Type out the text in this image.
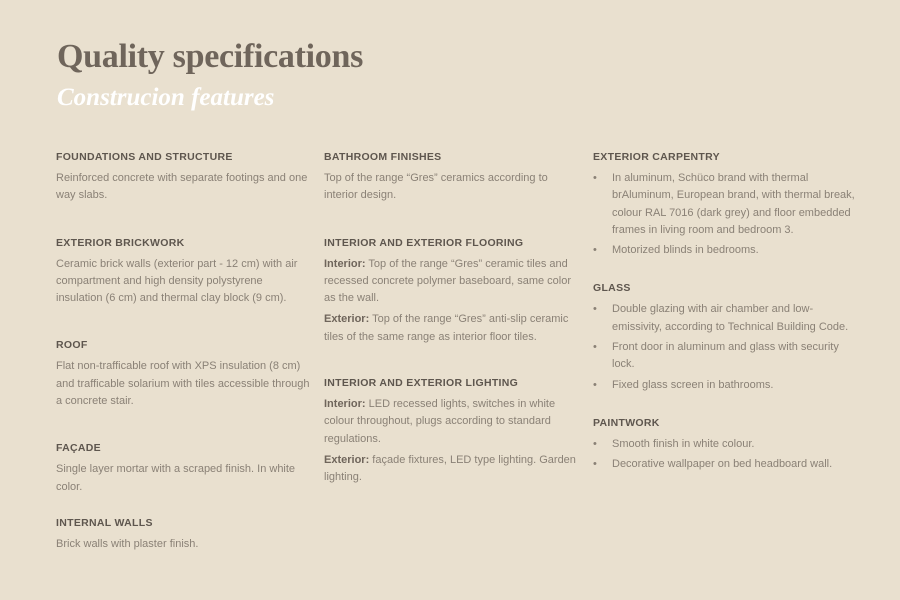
Quality specifications
Construcion features

FOUNDATIONS AND STRUCTURE

Reinforced concrete with separate footings and one way slabs.

EXTERIOR BRICKWORK

Ceramic brick walls (exterior part - 12 cm) with air compartment and high density polystyrene insulation (6 cm) and thermal clay block (9 cm).

ROOF

Flat non-trafficable roof with XPS insulation (8 cm) and trafficable solarium with tiles accessible through a concrete stair.

FAÇADE

Single layer mortar with a scraped finish. In white color.

INTERNAL WALLS

Brick walls with plaster finish.

BATHROOM FINISHES

Top of the range “Gres” ceramics according to interior design.

INTERIOR AND EXTERIOR FLOORING

Interior: Top of the range “Gres” ceramic tiles and recessed concrete polymer baseboard, same color as the wall.

Exterior: Top of the range “Gres” anti-slip ceramic tiles of the same range as interior floor tiles.

INTERIOR AND EXTERIOR LIGHTING

Interior: LED recessed lights, switches in white colour throughout, plugs according to standard regulations.

Exterior: façade fixtures, LED type lighting. Garden lighting.

EXTERIOR CARPENTRY

• In aluminum, Schüco brand with thermal brAluminum, European brand, with thermal break, colour RAL 7016 (dark grey) and floor embedded frames in living room and bedroom 3.
• Motorized blinds in bedrooms.

GLASS

• Double glazing with air chamber and low-emissivity, according to Technical Building Code.
• Front door in aluminum and glass with security lock.
• Fixed glass screen in bathrooms.

PAINTWORK

• Smooth finish in white colour.
• Decorative wallpaper on bed headboard wall.
